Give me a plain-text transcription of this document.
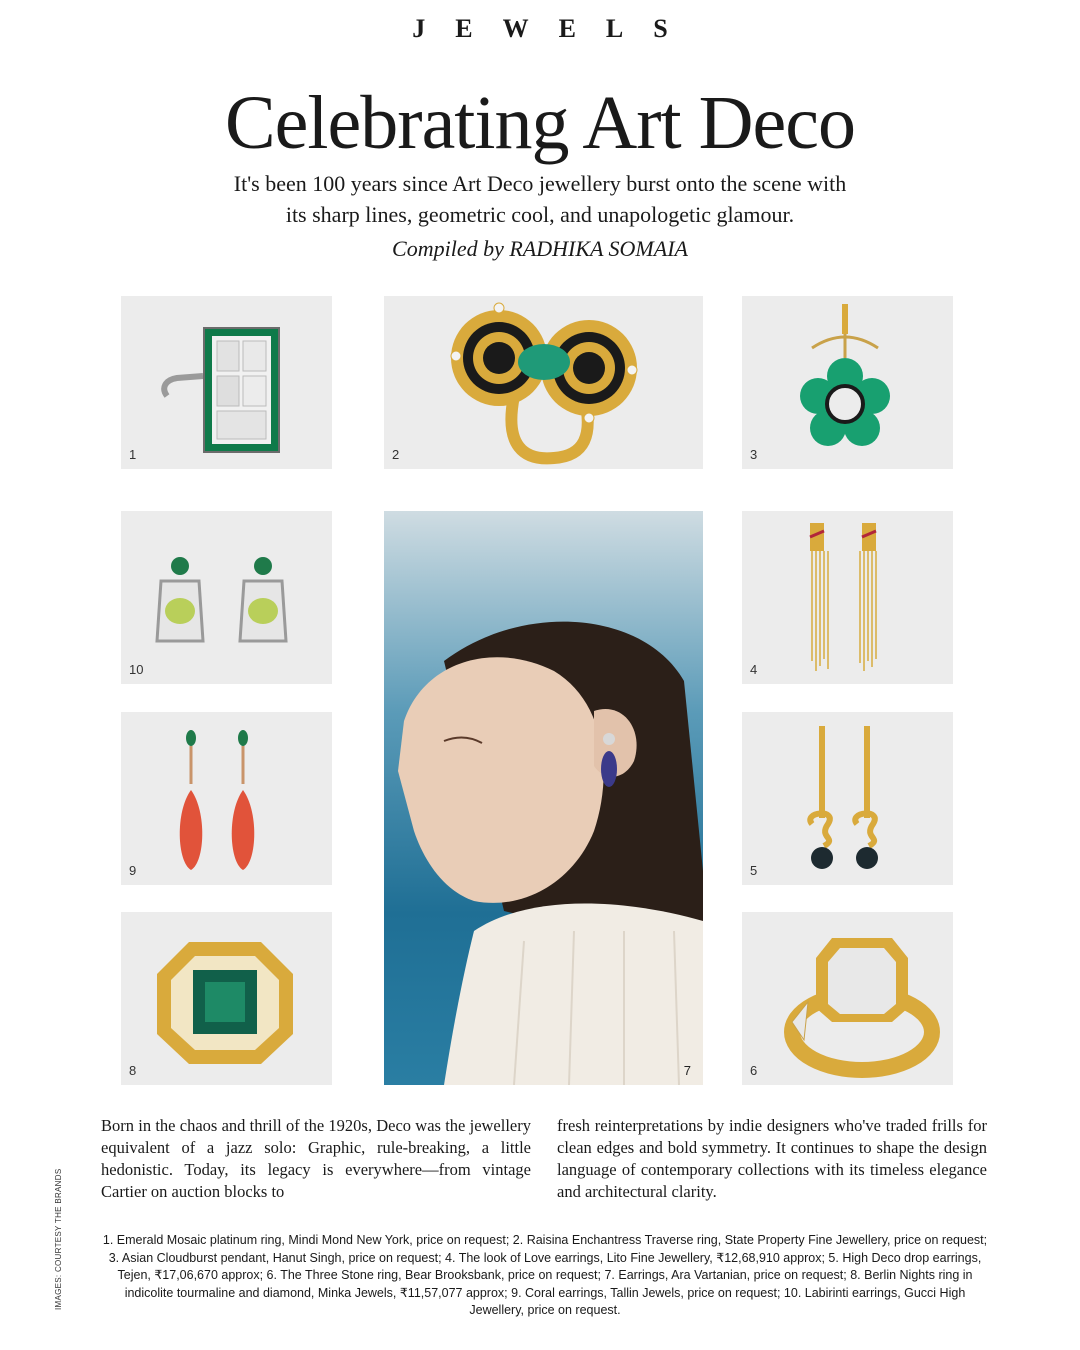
JEWELS
Celebrating Art Deco
It's been 100 years since Art Deco jewellery burst onto the scene with
its sharp lines, geometric cool, and unapologetic glamour.
Compiled by RADHIKA SOMAIA
1	2	3
10	4
9	5
8	6
7
Born in the chaos and thrill of the 1920s, Deco was the jewellery equivalent of a jazz solo: Graphic, rule-breaking, a little hedonistic. Today, its legacy is everywhere—from vintage Cartier on auction blocks to
fresh reinterpretations by indie designers who've traded frills for clean edges and bold symmetry. It continues to shape the design language of contemporary collections with its timeless elegance and architectural clarity.
1. Emerald Mosaic platinum ring, Mindi Mond New York, price on request; 2. Raisina Enchantress Traverse ring, State Property Fine Jewellery, price on request; 3. Asian Cloudburst pendant, Hanut Singh, price on request; 4. The look of Love earrings, Lito Fine Jewellery, ₹12,68,910 approx; 5. High Deco drop earrings, Tejen, ₹17,06,670 approx; 6. The Three Stone ring, Bear Brooksbank, price on request; 7. Earrings, Ara Vartanian, price on request; 8. Berlin Nights ring in indicolite tourmaline and diamond, Minka Jewels, ₹11,57,077 approx; 9. Coral earrings, Tallin Jewels, price on request; 10. Labirinti earrings, Gucci High Jewellery, price on request.
IMAGES: COURTESY THE BRANDS
